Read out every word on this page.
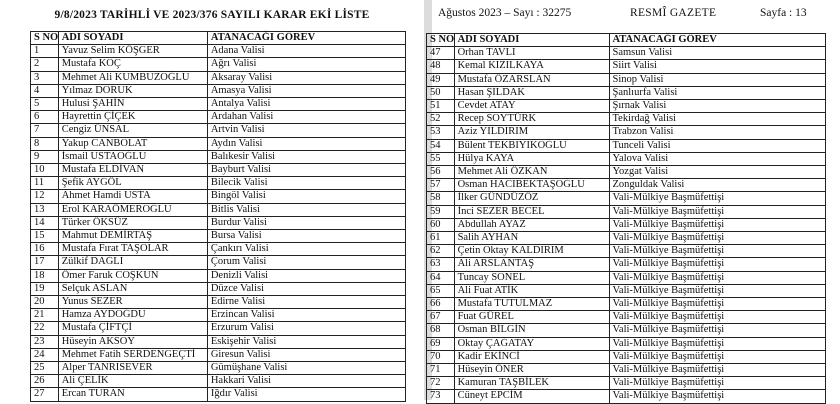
9/8/2023 TARİHLİ VE 2023/376 SAYILI KARAR EKİ LİSTE
S NO	ADI SOYADI	ATANACAĞI GÖREV
1	Yavuz Selim KÖŞGER	Adana Valisi
2	Mustafa KOÇ	Ağrı Valisi
3	Mehmet Ali KUMBUZOĞLU	Aksaray Valisi
4	Yılmaz DORUK	Amasya Valisi
5	Hulusi ŞAHİN	Antalya Valisi
6	Hayrettin ÇİÇEK	Ardahan Valisi
7	Cengiz ÜNSAL	Artvin Valisi
8	Yakup CANBOLAT	Aydın Valisi
9	İsmail USTAOĞLU	Balıkesir Valisi
10	Mustafa ELDİVAN	Bayburt Valisi
11	Şefik AYGÖL	Bilecik Valisi
12	Ahmet Hamdi USTA	Bingöl Valisi
13	Erol KARAÖMEROĞLU	Bitlis Valisi
14	Türker ÖKSÜZ	Burdur Valisi
15	Mahmut DEMİRTAŞ	Bursa Valisi
16	Mustafa Fırat TAŞOLAR	Çankırı Valisi
17	Zülkif DAĞLI	Çorum Valisi
18	Ömer Faruk COŞKUN	Denizli Valisi
19	Selçuk ASLAN	Düzce Valisi
20	Yunus SEZER	Edirne Valisi
21	Hamza AYDOĞDU	Erzincan Valisi
22	Mustafa ÇİFTÇİ	Erzurum Valisi
23	Hüseyin AKSOY	Eskişehir Valisi
24	Mehmet Fatih SERDENGEÇTİ	Giresun Valisi
25	Alper TANRISEVER	Gümüşhane Valisi
26	Ali ÇELİK	Hakkari Valisi
27	Ercan TURAN	Iğdır Valisi
Ağustos 2023 – Sayı : 32275	RESMÎ GAZETE	Sayfa : 13
S NO	ADI SOYADI	ATANACAĞI GÖREV
47	Orhan TAVLI	Samsun Valisi
48	Kemal KIZILKAYA	Siirt Valisi
49	Mustafa ÖZARSLAN	Sinop Valisi
50	Hasan ŞILDAK	Şanlıurfa Valisi
51	Cevdet ATAY	Şırnak Valisi
52	Recep SOYTÜRK	Tekirdağ Valisi
53	Aziz YILDIRIM	Trabzon Valisi
54	Bülent TEKBIYIKOĞLU	Tunceli Valisi
55	Hülya KAYA	Yalova Valisi
56	Mehmet Ali ÖZKAN	Yozgat Valisi
57	Osman HACIBEKTAŞOĞLU	Zonguldak Valisi
58	İlker GÜNDÜZÖZ	Vali-Mülkiye Başmüfettişi
59	İnci SEZER BECEL	Vali-Mülkiye Başmüfettişi
60	Abdullah AYAZ	Vali-Mülkiye Başmüfettişi
61	Salih AYHAN	Vali-Mülkiye Başmüfettişi
62	Çetin Oktay KALDIRIM	Vali-Mülkiye Başmüfettişi
63	Ali ARSLANTAŞ	Vali-Mülkiye Başmüfettişi
64	Tuncay SONEL	Vali-Mülkiye Başmüfettişi
65	Ali Fuat ATİK	Vali-Mülkiye Başmüfettişi
66	Mustafa TUTULMAZ	Vali-Mülkiye Başmüfettişi
67	Fuat GÜREL	Vali-Mülkiye Başmüfettişi
68	Osman BİLGİN	Vali-Mülkiye Başmüfettişi
69	Oktay ÇAĞATAY	Vali-Mülkiye Başmüfettişi
70	Kadir EKİNCİ	Vali-Mülkiye Başmüfettişi
71	Hüseyin ÖNER	Vali-Mülkiye Başmüfettişi
72	Kamuran TAŞBİLEK	Vali-Mülkiye Başmüfettişi
73	Cüneyt EPCİM	Vali-Mülkiye Başmüfettişi
